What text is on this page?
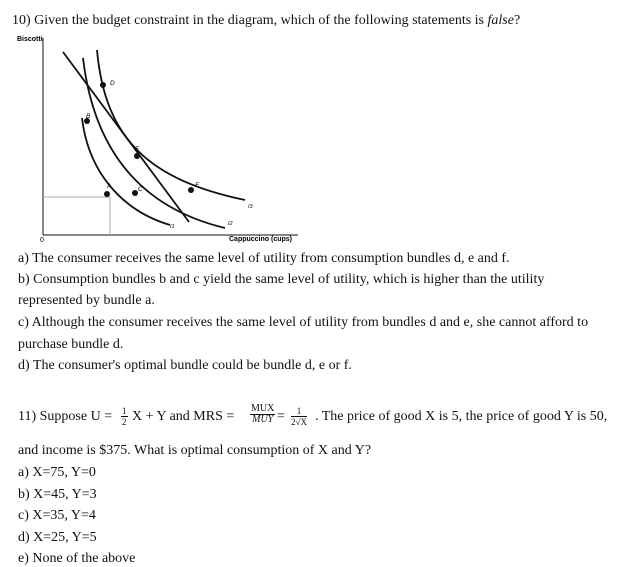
10) Given the budget constraint in the diagram, which of the following statements is false?
Biscotti
Cappuccino (cups)
0
A
B
C
D
E
F
I1	I2
I3
a) The consumer receives the same level of utility from consumption bundles d, e and f.
b) Consumption bundles b and c yield the same level of utility, which is higher than the utility
represented by bundle a.
c) Although the consumer receives the same level of utility from bundles d and e, she cannot afford to
purchase bundle d.
d) The consumer's optimal bundle could be bundle d, e or f.
11) Suppose $U = \frac{1}{2}$ X + Y and MRS =
MUX
MUY = $\frac{1}{2√X}$ . The price of good X is 5, the price of good Y is 50,
and income is $375. What is optimal consumption of X and Y?
a) X=75, Y=0
b) X=45, Y=3
c) X=35, Y=4
d) X=25, Y=5
e) None of the above
